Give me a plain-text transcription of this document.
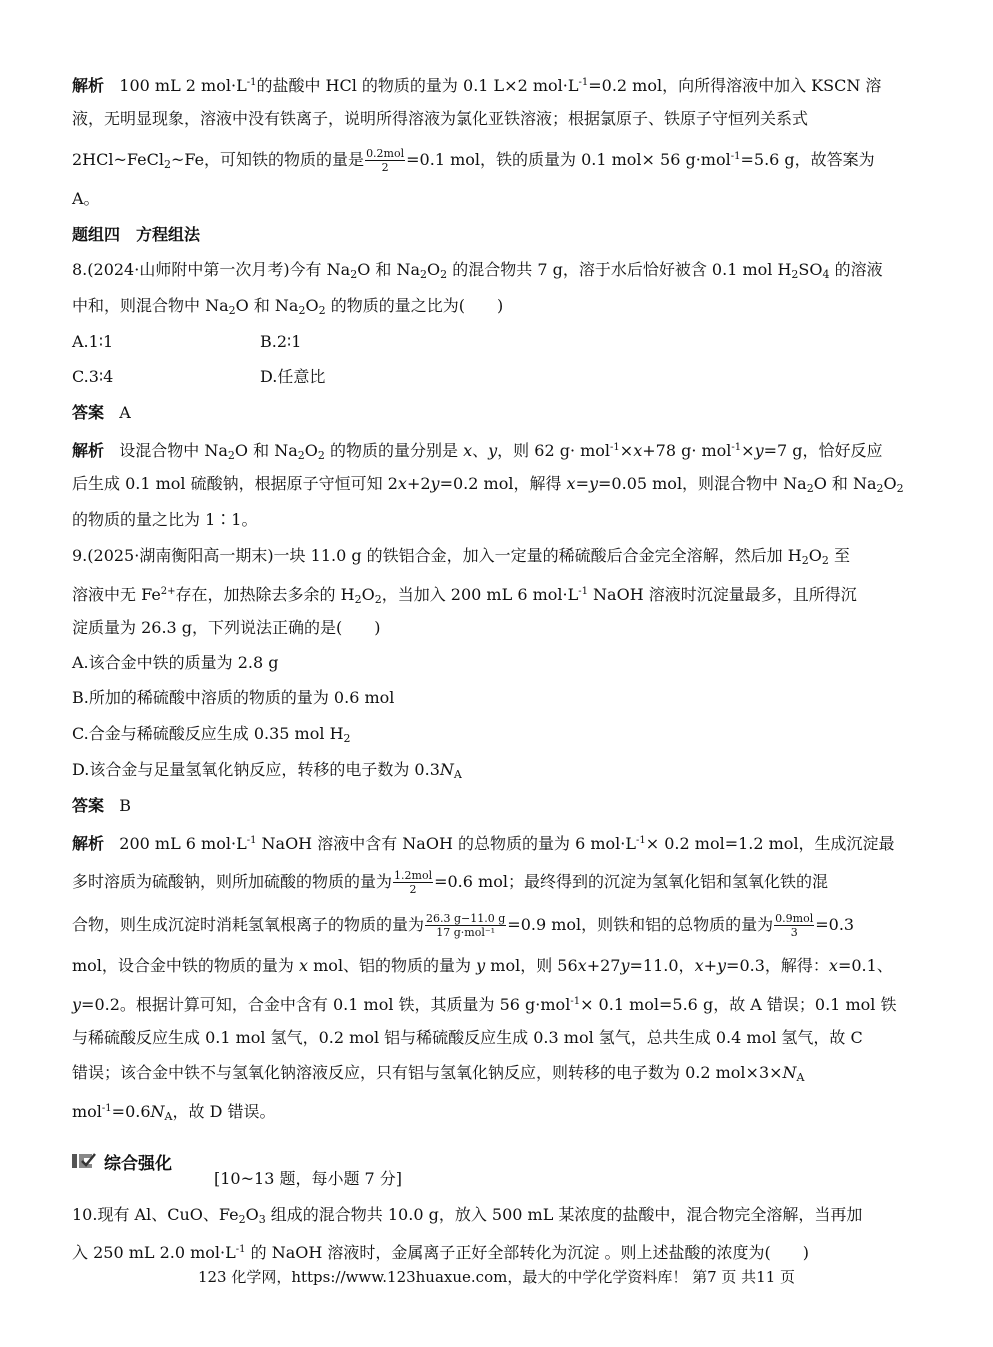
解析 100 mL 2 $mol\cdot L^{-1}$的盐酸中 HCl 的物质的量为 0.1 L×2 $mol\cdot L^{-1}=0.2$ mol，向所得溶液中加入 KSCN 溶
液，无明显现象，溶液中没有铁离子，说明所得溶液为氯化亚铁溶液；根据氯原子、铁原子守恒列关系式
2HCl~FeCl$_2$~Fe，可知铁的物质的量是 $\frac{\text{0.2mol}}{2} =0.1$ mol，铁的质量为 0.1 mol× 56 g·mol$^{-1}$=5.6 g，故答案为
A。
题组四　方程组法
8.(2024·山师附中第一次月考)今有 $Na_2O$ 和 $Na_2O_2$ 的混合物共 7 g，溶于水后恰好被含 0.1 mol $H_2SO_4$ 的溶液
中和，则混合物中 $Na_2O$ 和 $Na_2O_2$ 的物质的量之比为(　　)
A.1∶1	B.2∶1
C.3∶4	D.任意比
答案 A
解析 设混合物中 $Na_2O$ 和 $Na_2O_2$ 的物质的量分别是 x、y，则 62 g· mol$^{-1}$×x+78 g· mol$^{-1}$×y=7 g，恰好反应
后生成 0.1 mol 硫酸钠，根据原子守恒可知 2x+2y=0.2 mol，解得 x=y=0.05 mol，则混合物中 $Na_2O$ 和 $Na_2O_2$
的物质的量之比为 1∶1。
9.(2025·湖南衡阳高一期末)一块 11.0 g 的铁铝合金，加入一定量的稀硫酸后合金完全溶解，然后加 $H_2O_2$ 至
溶液中无 $Fe^{2+}$存在，加热除去多余的 $H_2O_2$，当加入 200 mL 6 $mol\cdot L^{-1}$ NaOH 溶液时沉淀量最多，且所得沉
淀质量为 26.3 g，下列说法正确的是(　　)
A.该合金中铁的质量为 2.8 g
B.所加的稀硫酸中溶质的物质的量为 0.6 mol
C.合金与稀硫酸反应生成 0.35 mol $H_2$
D.该合金与足量氢氧化钠反应，转移的电子数为 $0.3N_A$
答案 B
解析 200 mL 6 $mol\cdot L^{-1}$ NaOH 溶液中含有 NaOH 的总物质的量为 6 $mol\cdot L^{-1}\times 0.2$ mol=1.2 mol，生成沉淀最
多时溶质为硫酸钠，则所加硫酸的物质的量为 $\frac{\text{1.2mol}}{2} =0.6$ mol；最终得到的沉淀为氢氧化铝和氢氧化铁的混
合物，则生成沉淀时消耗氢氧根离子的物质的量为 $\frac{26.3 g-11.0 g}{\text{17 g·mol⁻¹}} =0.9$ mol，则铁和铝的总物质的量为 $\frac{\text{0.9mol}}{3} =0.3$
mol，设合金中铁的物质的量为 x mol、铝的物质的量为 y mol，则 56x+27y=11.0，x+y=0.3，解得：x=0.1、
y=0.2。根据计算可知，合金中含有 0.1 mol 铁，其质量为 56 g·mol$^{-1}$× 0.1 mol=5.6 g，故 A 错误；0.1 mol 铁
与稀硫酸反应生成 0.1 mol 氢气，0.2 mol 铝与稀硫酸反应生成 0.3 mol 氢气，总共生成 0.4 mol 氢气，故 C
错误；该合金中铁不与氢氧化钠溶液反应，只有铝与氢氧化钠反应，则转移的电子数为 0.2 $mol\times 3\times N_A$
$mol^{-1}=0.6N_A$，故 D 错误。
综合强化
[10~13 题，每小题 7 分]
10.现有 Al、CuO、$Fe_2O_3$ 组成的混合物共 10.0 g，放入 500 mL 某浓度的盐酸中，混合物完全溶解，当再加
入 250 mL 2.0 $mol\cdot L^{-1}$ 的 NaOH 溶液时，金属离子正好全部转化为沉淀 。则上述盐酸的浓度为(　　)
123 化学网，https://www.123huaxue.com，最大的中学化学资料库！ 第7 页 共11 页
